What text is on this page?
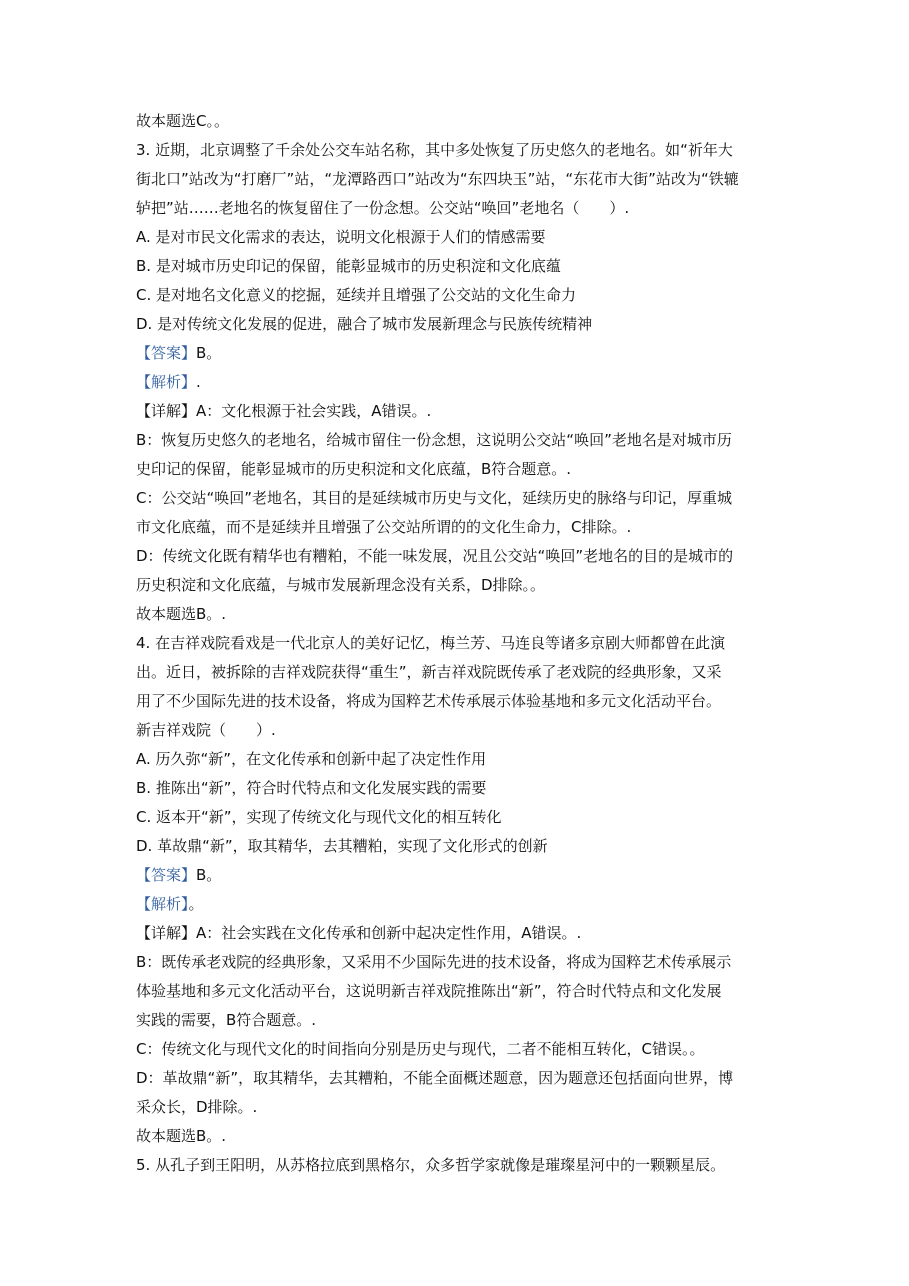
故本题选C。。
3. 近期，北京调整了千余处公交车站名称，其中多处恢复了历史悠久的老地名。如“祈年大
街北口”站改为“打磨厂”站，“龙潭路西口”站改为“东四块玉”站，“东花市大街”站改为“铁辘
轳把”站……老地名的恢复留住了一份念想。公交站“唤回”老地名（　　）.
A. 是对市民文化需求的表达，说明文化根源于人们的情感需要
B. 是对城市历史印记的保留，能彰显城市的历史积淀和文化底蕴
C. 是对地名文化意义的挖掘，延续并且增强了公交站的文化生命力
D. 是对传统文化发展的促进，融合了城市发展新理念与民族传统精神
【答案】B。
【解析】.
【详解】A：文化根源于社会实践，A错误。.
B：恢复历史悠久的老地名，给城市留住一份念想，这说明公交站“唤回”老地名是对城市历
史印记的保留，能彰显城市的历史积淀和文化底蕴，B符合题意。.
C：公交站“唤回”老地名，其目的是延续城市历史与文化，延续历史的脉络与印记，厚重城
市文化底蕴，而不是延续并且增强了公交站所谓的的文化生命力，C排除。.
D：传统文化既有精华也有糟粕，不能一味发展，况且公交站“唤回”老地名的目的是城市的
历史积淀和文化底蕴，与城市发展新理念没有关系，D排除。。
故本题选B。.
4. 在吉祥戏院看戏是一代北京人的美好记忆，梅兰芳、马连良等诸多京剧大师都曾在此演
出。近日，被拆除的吉祥戏院获得“重生”，新吉祥戏院既传承了老戏院的经典形象，又采
用了不少国际先进的技术设备，将成为国粹艺术传承展示体验基地和多元文化活动平台。
新吉祥戏院（　　）.
A. 历久弥“新”，在文化传承和创新中起了决定性作用
B. 推陈出“新”，符合时代特点和文化发展实践的需要
C. 返本开“新”，实现了传统文化与现代文化的相互转化
D. 革故鼎“新”，取其精华，去其糟粕，实现了文化形式的创新
【答案】B。
【解析】。
【详解】A：社会实践在文化传承和创新中起决定性作用，A错误。.
B：既传承老戏院的经典形象，又采用不少国际先进的技术设备，将成为国粹艺术传承展示
体验基地和多元文化活动平台，这说明新吉祥戏院推陈出“新”，符合时代特点和文化发展
实践的需要，B符合题意。.
C：传统文化与现代文化的时间指向分别是历史与现代，二者不能相互转化，C错误。。
D：革故鼎“新”，取其精华，去其糟粕，不能全面概述题意，因为题意还包括面向世界，博
采众长，D排除。.
故本题选B。.
5. 从孔子到王阳明，从苏格拉底到黑格尔，众多哲学家就像是璀璨星河中的一颗颗星辰。
